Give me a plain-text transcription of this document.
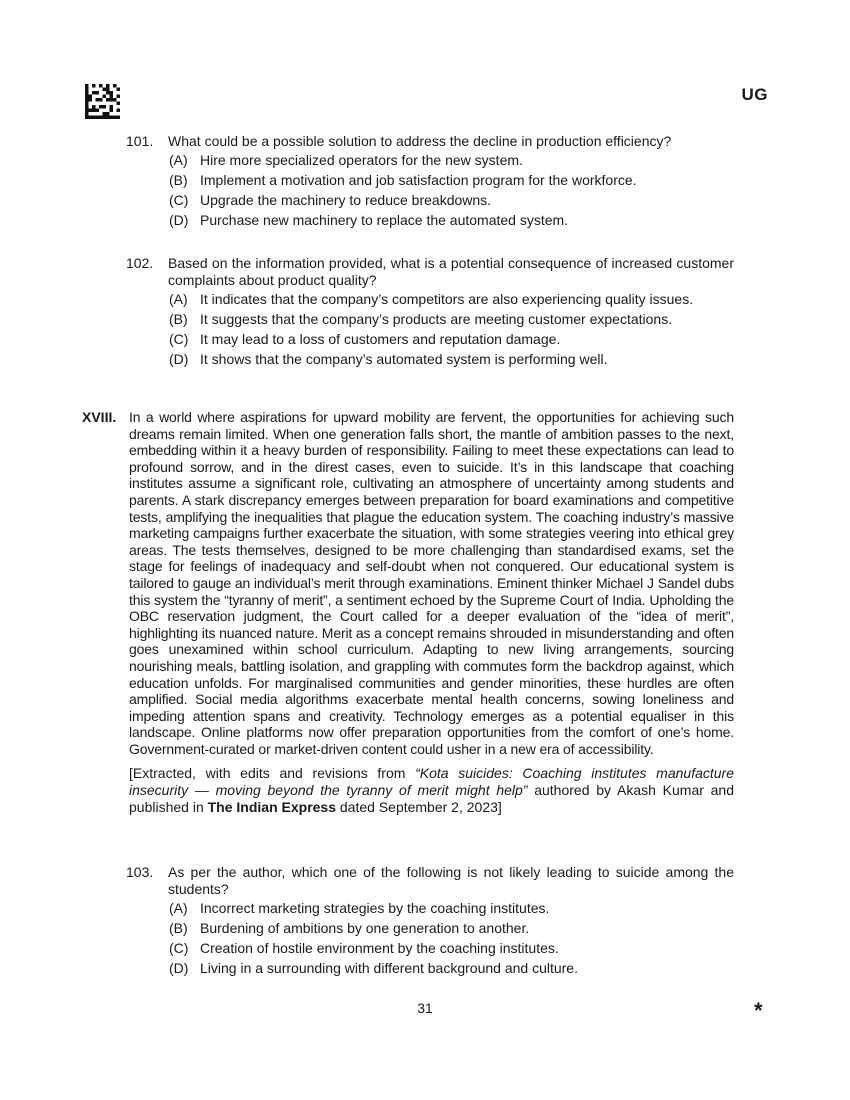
UG
101.	What could be a possible solution to address the decline in production efficiency?
(A) Hire more specialized operators for the new system.
(B) Implement a motivation and job satisfaction program for the workforce.
(C) Upgrade the machinery to reduce breakdowns.
(D) Purchase new machinery to replace the automated system.
102.	Based on the information provided, what is a potential consequence of increased customer complaints about product quality?
(A) It indicates that the company’s competitors are also experiencing quality issues.
(B) It suggests that the company’s products are meeting customer expectations.
(C) It may lead to a loss of customers and reputation damage.
(D) It shows that the company’s automated system is performing well.
XVIII. In a world where aspirations for upward mobility are fervent, the opportunities for achieving such dreams remain limited. When one generation falls short, the mantle of ambition passes to the next, embedding within it a heavy burden of responsibility. Failing to meet these expectations can lead to profound sorrow, and in the direst cases, even to suicide. It’s in this landscape that coaching institutes assume a significant role, cultivating an atmosphere of uncertainty among students and parents. A stark discrepancy emerges between preparation for board examinations and competitive tests, amplifying the inequalities that plague the education system. The coaching industry’s massive marketing campaigns further exacerbate the situation, with some strategies veering into ethical grey areas. The tests themselves, designed to be more challenging than standardised exams, set the stage for feelings of inadequacy and self-doubt when not conquered. Our educational system is tailored to gauge an individual’s merit through examinations. Eminent thinker Michael J Sandel dubs this system the “tyranny of merit”, a sentiment echoed by the Supreme Court of India. Upholding the OBC reservation judgment, the Court called for a deeper evaluation of the “idea of merit”, highlighting its nuanced nature. Merit as a concept remains shrouded in misunderstanding and often goes unexamined within school curriculum. Adapting to new living arrangements, sourcing nourishing meals, battling isolation, and grappling with commutes form the backdrop against, which education unfolds. For marginalised communities and gender minorities, these hurdles are often amplified. Social media algorithms exacerbate mental health concerns, sowing loneliness and impeding attention spans and creativity. Technology emerges as a potential equaliser in this landscape. Online platforms now offer preparation opportunities from the comfort of one’s home. Government-curated or market-driven content could usher in a new era of accessibility.

[Extracted, with edits and revisions from “Kota suicides: Coaching institutes manufacture insecurity — moving beyond the tyranny of merit might help” authored by Akash Kumar and published in The Indian Express dated September 2, 2023]

103.	As per the author, which one of the following is not likely leading to suicide among the students?
(A) Incorrect marketing strategies by the coaching institutes.
(B) Burdening of ambitions by one generation to another.
(C) Creation of hostile environment by the coaching institutes.
(D) Living in a surrounding with different background and culture.
31	*
